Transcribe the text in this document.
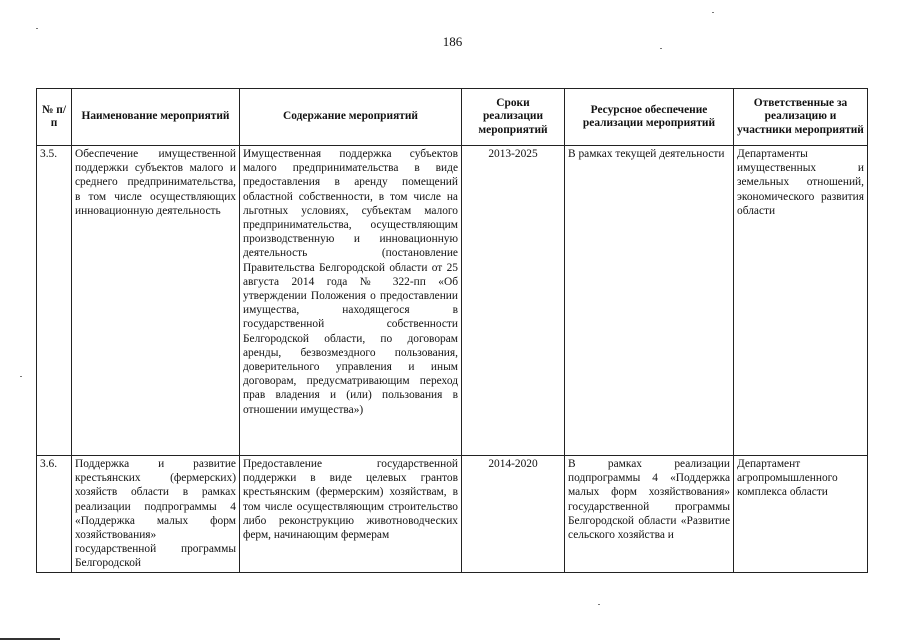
186
№ п/п	Наименование мероприятий	Содержание мероприятий	Сроки реализации мероприятий	Ресурсное обеспечение реализации мероприятий	Ответственные за реализацию и участники мероприятий
3.5.	Обеспечение имущественной поддержки субъектов малого и среднего предпринимательства, в том числе осуществляющих инновационную деятельность	Имущественная поддержка субъектов малого предпринимательства в виде предоставления в аренду помещений областной собственности, в том числе на льготных условиях, субъектам малого предпринимательства, осуществляющим производственную и инновационную деятельность (постановление Правительства Белгородской области от 25 августа 2014 года № 322-пп «Об утверждении Положения о предоставлении имущества, находящегося в государственной собственности Белгородской области, по договорам аренды, безвозмездного пользования, доверительного управления и иным договорам, предусматривающим переход прав владения и (или) пользования в отношении имущества»)	2013-2025	В рамках текущей деятельности	Департаменты имущественных и земельных отношений, экономического развития области
3.6.	Поддержка и развитие крестьянских (фермерских) хозяйств области в рамках реализации подпрограммы 4 «Поддержка малых форм хозяйствования» государственной программы Белгородской	Предоставление государственной поддержки в виде целевых грантов крестьянским (фермерским) хозяйствам, в том числе осуществляющим строительство либо реконструкцию животноводческих ферм, начинающим фермерам	2014-2020	В рамках реализации подпрограммы 4 «Поддержка малых форм хозяйствования» государственной программы Белгородской области «Развитие сельского хозяйства и	Департамент агропромышленного комплекса области
